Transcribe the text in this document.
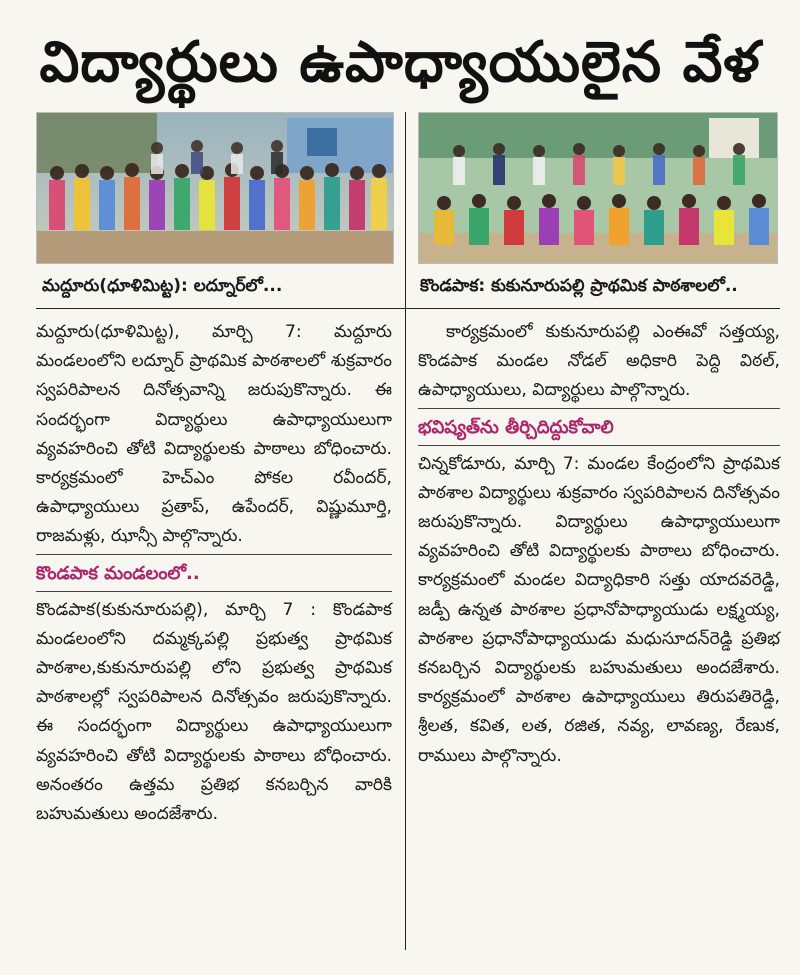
విద్యార్థులు ఉపాధ్యాయులైన వేళ
మద్దూరు(ధూళిమిట్ట): లద్నూర్‌లో...	కొండపాక: కుకునూరుపల్లి ప్రాథమిక పాఠశాలలో..

మద్దూరు(ధూళిమిట్ట), మార్చి 7: మద్దూరు మండలంలోని లద్నూర్ ప్రాథమిక పాఠశాలలో శుక్రవారం స్వపరిపాలన దినోత్సవాన్ని జరుపుకొన్నారు. ఈ సందర్భంగా విద్యార్థులు ఉపాధ్యాయులుగా వ్యవహరించి తోటి విద్యార్థులకు పాఠాలు బోధించారు. కార్యక్రమంలో హెచ్‌ఎం పోకల రవీందర్, ఉపాధ్యాయులు ప్రతాప్, ఉపేందర్, విష్ణుమూర్తి, రాజమళ్లు, ఝాన్సీ పాల్గొన్నారు.

కొండపాక మండలంలో..

కొండపాక(కుకునూరుపల్లి), మార్చి 7 : కొండపాక మండలంలోని దమ్మక్కపల్లి ప్రభుత్వ ప్రాథమిక పాఠశాల,కుకునూరుపల్లి లోని ప్రభుత్వ ప్రాథమిక పాఠశాలల్లో స్వపరిపాలన దినోత్సవం జరుపుకొన్నారు. ఈ సందర్భంగా విద్యార్థులు ఉపాధ్యాయులుగా వ్యవహరించి తోటి విద్యార్థులకు పాఠాలు బోధించారు. అనంతరం ఉత్తమ ప్రతిభ కనబర్చిన వారికి బహుమతులు అందజేశారు.

కార్యక్రమంలో కుకునూరుపల్లి ఎంఈవో సత్తయ్య, కొండపాక మండల నోడల్ అధికారి పెద్ది విఠల్, ఉపాధ్యాయులు, విద్యార్థులు పాల్గొన్నారు.

భవిష్యత్‌ను తీర్చిదిద్దుకోవాలి

చిన్నకోడూరు, మార్చి 7: మండల కేంద్రంలోని ప్రాథమిక పాఠశాల విద్యార్థులు శుక్రవారం స్వపరిపాలన దినోత్సవం జరుపుకొన్నారు. విద్యార్థులు ఉపాధ్యాయులుగా వ్యవహరించి తోటి విద్యార్థులకు పాఠాలు బోధించారు. కార్యక్రమంలో మండల విద్యాధికారి సత్తు యాదవరెడ్డి, జడ్పీ ఉన్నత పాఠశాల ప్రధానోపాధ్యాయుడు లక్ష్మయ్య, పాఠశాల ప్రధానోపాధ్యాయుడు మధుసూదన్‌రెడ్డి ప్రతిభ కనబర్చిన విద్యార్థులకు బహుమతులు అందజేశారు. కార్యక్రమంలో పాఠశాల ఉపాధ్యాయులు తిరుపతిరెడ్డి, శ్రీలత, కవిత, లత, రజిత, నవ్య, లావణ్య, రేణుక, రాములు పాల్గొన్నారు.
